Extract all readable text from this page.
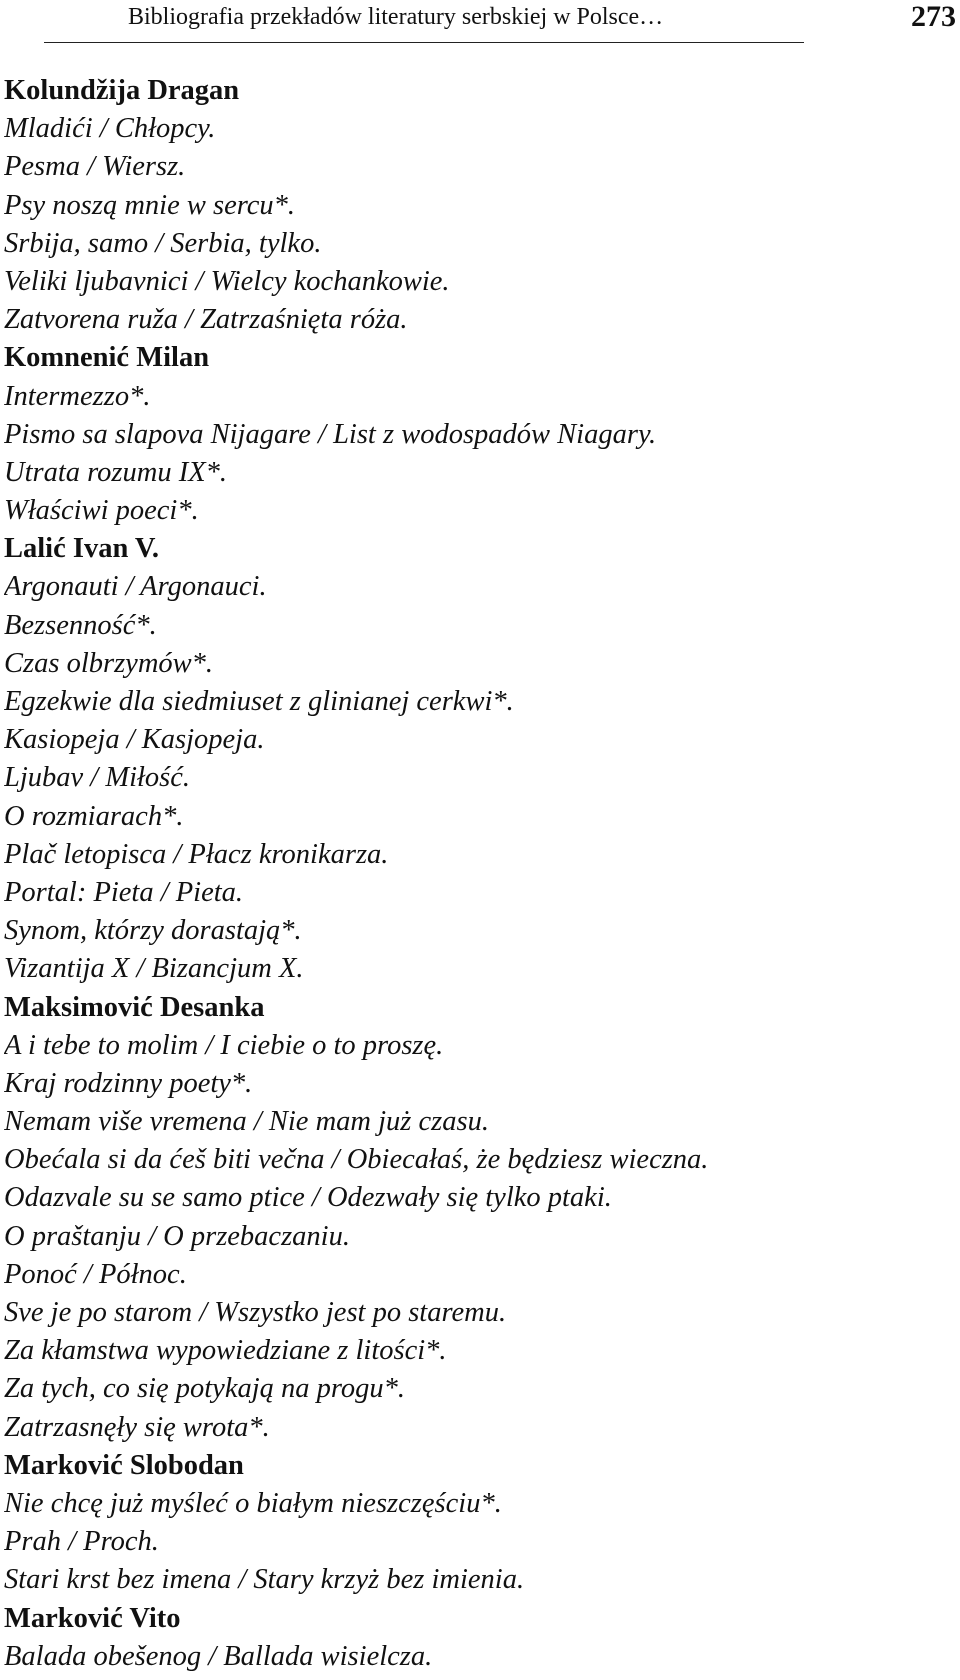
Bibliografia przekładów literatury serbskiej w Polsce…	273
Kolundžija Dragan
Mladići / Chłopcy.
Pesma / Wiersz.
Psy noszą mnie w sercu*.
Srbija, samo / Serbia, tylko.
Veliki ljubavnici / Wielcy kochankowie.
Zatvorena ruža / Zatrzaśnięta róża.
Komnenić Milan
Intermezzo*.
Pismo sa slapova Nijagare / List z wodospadów Niagary.
Utrata rozumu IX*.
Właściwi poeci*.
Lalić Ivan V.
Argonauti / Argonauci.
Bezsenność*.
Czas olbrzymów*.
Egzekwie dla siedmiuset z glinianej cerkwi*.
Kasiopeja / Kasjopeja.
Ljubav / Miłość.
O rozmiarach*.
Plač letopisca / Płacz kronikarza.
Portal: Pieta / Pieta.
Synom, którzy dorastają*.
Vizantija X / Bizancjum X.
Maksimović Desanka
A i tebe to molim / I ciebie o to proszę.
Kraj rodzinny poety*.
Nemam više vremena / Nie mam już czasu.
Obećala si da ćeš biti večna / Obiecałaś, że będziesz wieczna.
Odazvale su se samo ptice / Odezwały się tylko ptaki.
O praštanju / O przebaczaniu.
Ponoć / Północ.
Sve je po starom / Wszystko jest po staremu.
Za kłamstwa wypowiedziane z litości*.
Za tych, co się potykają na progu*.
Zatrzasnęły się wrota*.
Marković Slobodan
Nie chcę już myśleć o białym nieszczęściu*.
Prah / Proch.
Stari krst bez imena / Stary krzyż bez imienia.
Marković Vito
Balada obešenog / Ballada wisielcza.
